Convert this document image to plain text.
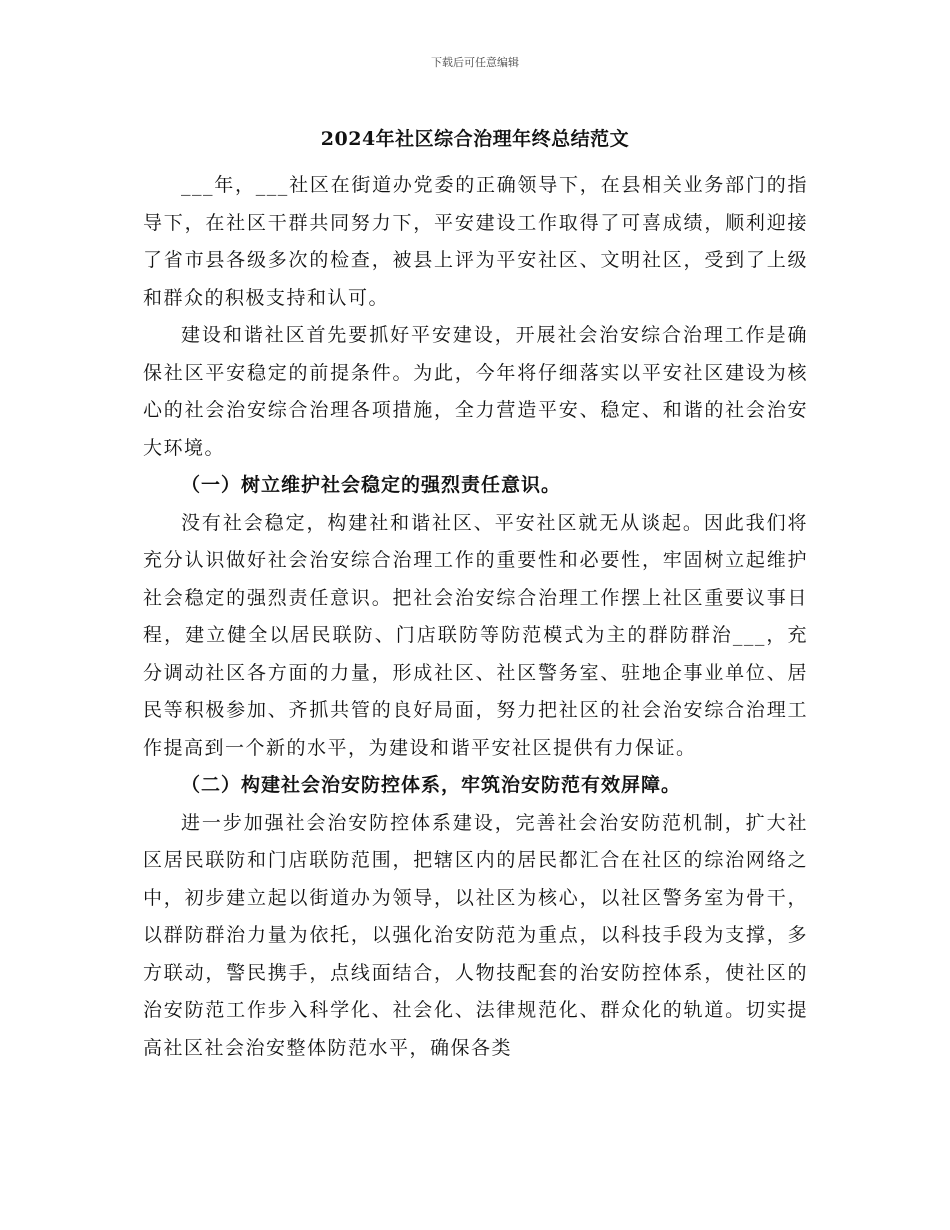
下载后可任意编辑
2024年社区综合治理年终总结范文

___年，___社区在街道办党委的正确领导下，在县相关业务部门的指导下，在社区干群共同努力下，平安建设工作取得了可喜成绩，顺利迎接了省市县各级多次的检查，被县上评为平安社区、文明社区，受到了上级和群众的积极支持和认可。

建设和谐社区首先要抓好平安建设，开展社会治安综合治理工作是确保社区平安稳定的前提条件。为此，今年将仔细落实以平安社区建设为核心的社会治安综合治理各项措施，全力营造平安、稳定、和谐的社会治安大环境。

（一）树立维护社会稳定的强烈责任意识。

没有社会稳定，构建社和谐社区、平安社区就无从谈起。因此我们将充分认识做好社会治安综合治理工作的重要性和必要性，牢固树立起维护社会稳定的强烈责任意识。把社会治安综合治理工作摆上社区重要议事日程，建立健全以居民联防、门店联防等防范模式为主的群防群治___，充分调动社区各方面的力量，形成社区、社区警务室、驻地企事业单位、居民等积极参加、齐抓共管的良好局面，努力把社区的社会治安综合治理工作提高到一个新的水平，为建设和谐平安社区提供有力保证。

（二）构建社会治安防控体系，牢筑治安防范有效屏障。

进一步加强社会治安防控体系建设，完善社会治安防范机制，扩大社区居民联防和门店联防范围，把辖区内的居民都汇合在社区的综治网络之中，初步建立起以街道办为领导，以社区为核心，以社区警务室为骨干，以群防群治力量为依托，以强化治安防范为重点，以科技手段为支撑，多方联动，警民携手，点线面结合，人物技配套的治安防控体系，使社区的治安防范工作步入科学化、社会化、法律规范化、群众化的轨道。切实提高社区社会治安整体防范水平，确保各类
